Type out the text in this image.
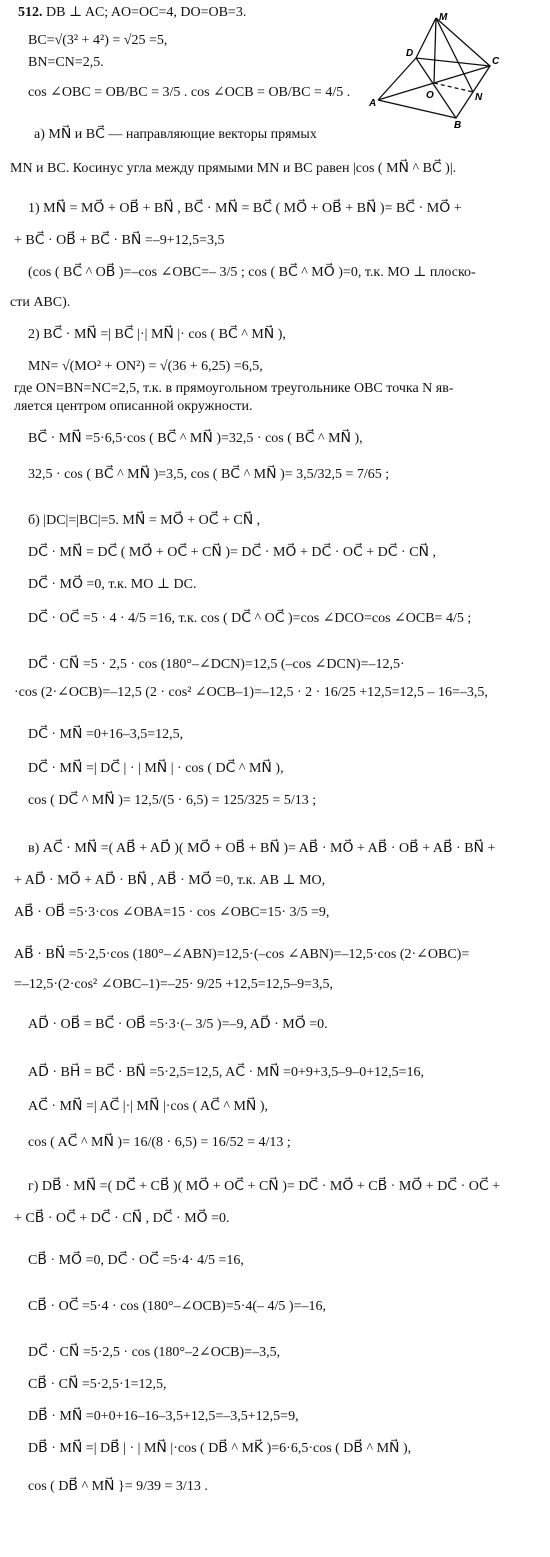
512. DB ⊥ AC; AO=OC=4, DO=OB=3.	M
D
C
A
O	N
B
BC=√(3² + 4²) = √25 =5,
BN=CN=2,5.
cos ∠OBC = OB/BC = 3/5 . cos ∠OCB = OB/BC = 4/5 .
а) MN⃗ и BC⃗ — направляющие векторы прямых
MN и BC. Косинус угла между прямыми MN и BC равен |cos ( MN⃗ ^ BC⃗ )|.
1) MN⃗ = MO⃗ + OB⃗ + BN⃗ , BC⃗ · MN⃗ = BC⃗ ( MO⃗ + OB⃗ + BN⃗ )= BC⃗ · MO⃗ +
+ BC⃗ · OB⃗ + BC⃗ · BN⃗ =–9+12,5=3,5
(cos ( BC⃗ ^ OB⃗ )=–cos ∠OBC=– 3/5 ; cos ( BC⃗ ^ MO⃗ )=0, т.к. MO ⊥ плоско-
сти ABC).
2) BC⃗ · MN⃗ =| BC⃗ |·| MN⃗ |· cos ( BC⃗ ^ MN⃗ ),
MN= √(MO² + ON²) = √(36 + 6,25) =6,5,
где ON=BN=NC=2,5, т.к. в прямоугольном треугольнике OBC точка N яв-
ляется центром описанной окружности.
BC⃗ · MN⃗ =5·6,5·cos ( BC⃗ ^ MN⃗ )=32,5 · cos ( BC⃗ ^ MN⃗ ),
32,5 · cos ( BC⃗ ^ MN⃗ )=3,5, cos ( BC⃗ ^ MN⃗ )= 3,5/32,5 = 7/65 ;
б) |DC|=|BC|=5. MN⃗ = MO⃗ + OC⃗ + CN⃗ ,
DC⃗ · MN⃗ = DC⃗ ( MO⃗ + OC⃗ + CN⃗ )= DC⃗ · MO⃗ + DC⃗ · OC⃗ + DC⃗ · CN⃗ ,
DC⃗ · MO⃗ =0, т.к. MO ⊥ DC.
DC⃗ · OC⃗ =5 · 4 · 4/5 =16, т.к. cos ( DC⃗ ^ OC⃗ )=cos ∠DCO=cos ∠OCB= 4/5 ;
DC⃗ · CN⃗ =5 · 2,5 · cos (180°–∠DCN)=12,5 (–cos ∠DCN)=–12,5·
·cos (2·∠OCB)=–12,5 (2 · cos² ∠OCB–1)=–12,5 · 2 · 16/25 +12,5=12,5 – 16=–3,5,
DC⃗ · MN⃗ =0+16–3,5=12,5,
DC⃗ · MN⃗ =| DC⃗ | · | MN⃗ | · cos ( DC⃗ ^ MN⃗ ),
cos ( DC⃗ ^ MN⃗ )= 12,5/(5 · 6,5) = 125/325 = 5/13 ;
в) AC⃗ · MN⃗ =( AB⃗ + AD⃗ )( MO⃗ + OB⃗ + BN⃗ )= AB⃗ · MO⃗ + AB⃗ · OB⃗ + AB⃗ · BN⃗ +
+ AD⃗ · MO⃗ + AD⃗ · BN⃗ , AB⃗ · MO⃗ =0, т.к. AB ⊥ MO,
AB⃗ · OB⃗ =5·3·cos ∠OBA=15 · cos ∠OBC=15· 3/5 =9,
AB⃗ · BN⃗ =5·2,5·cos (180°–∠ABN)=12,5·(–cos ∠ABN)=–12,5·cos (2·∠OBC)=
=–12,5·(2·cos² ∠OBC–1)=–25· 9/25 +12,5=12,5–9=3,5,
AD⃗ · OB⃗ = BC⃗ · OB⃗ =5·3·(– 3/5 )=–9, AD⃗ · MO⃗ =0.
AD⃗ · BH⃗ = BC⃗ · BN⃗ =5·2,5=12,5, AC⃗ · MN⃗ =0+9+3,5–9–0+12,5=16,
AC⃗ · MN⃗ =| AC⃗ |·| MN⃗ |·cos ( AC⃗ ^ MN⃗ ),
cos ( AC⃗ ^ MN⃗ )= 16/(8 · 6,5) = 16/52 = 4/13 ;
г) DB⃗ · MN⃗ =( DC⃗ + CB⃗ )( MO⃗ + OC⃗ + CN⃗ )= DC⃗ · MO⃗ + CB⃗ · MO⃗ + DC⃗ · OC⃗ +
+ CB⃗ · OC⃗ + DC⃗ · CN⃗ , DC⃗ · MO⃗ =0.
CB⃗ · MO⃗ =0, DC⃗ · OC⃗ =5·4· 4/5 =16,
CB⃗ · OC⃗ =5·4 · cos (180°–∠OCB)=5·4(– 4/5 )=–16,
DC⃗ · CN⃗ =5·2,5 · cos (180°–2∠OCB)=–3,5,
CB⃗ · CN⃗ =5·2,5·1=12,5,
DB⃗ · MN⃗ =0+0+16–16–3,5+12,5=–3,5+12,5=9,
DB⃗ · MN⃗ =| DB⃗ | · | MN⃗ |·cos ( DB⃗ ^ MK⃗ )=6·6,5·cos ( DB⃗ ^ MN⃗ ),
cos ( DB⃗ ^ MN⃗ }= 9/39 = 3/13 .
